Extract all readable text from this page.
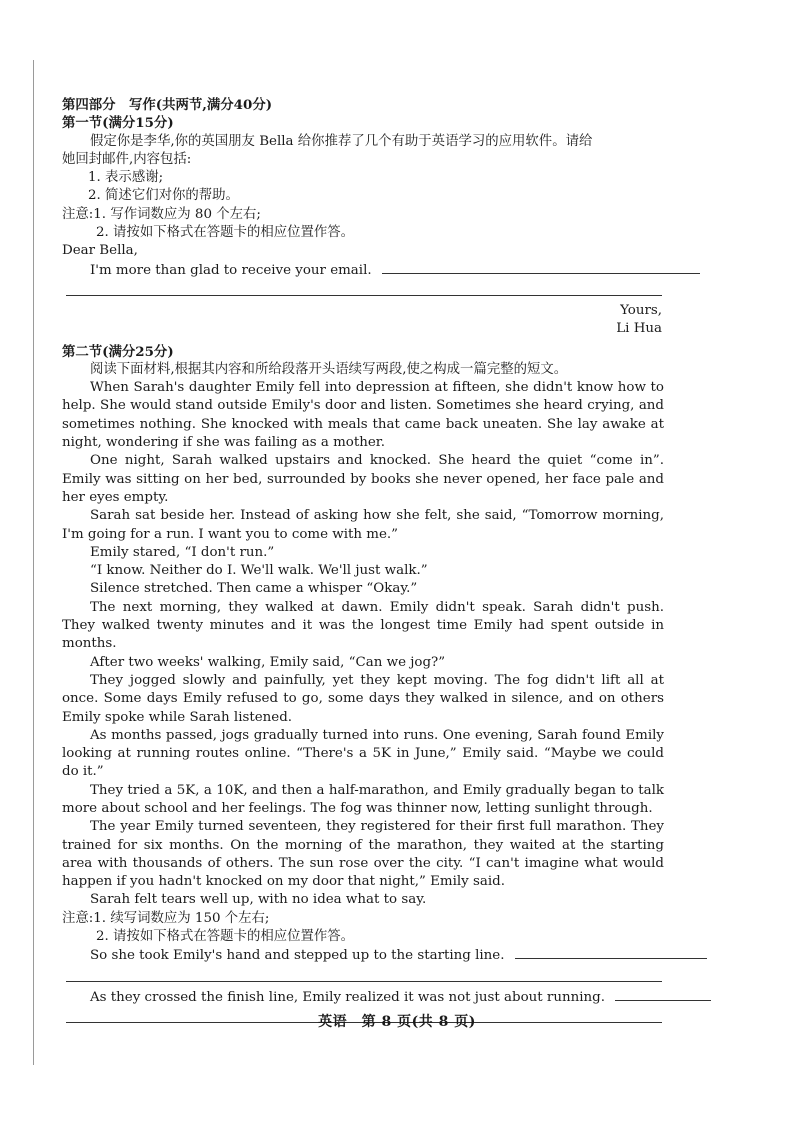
第四部分　写作(共两节,满分40分)
第一节(满分15分)
假定你是李华,你的英国朋友 Bella 给你推荐了几个有助于英语学习的应用软件。请给
她回封邮件,内容包括:
1. 表示感谢;
2. 简述它们对你的帮助。
注意:1. 写作词数应为 80 个左右;
2. 请按如下格式在答题卡的相应位置作答。
Dear Bella,
I'm more than glad to receive your email.
Yours,
Li Hua
第二节(满分25分)
阅读下面材料,根据其内容和所给段落开头语续写两段,使之构成一篇完整的短文。
When Sarah's daughter Emily fell into depression at fifteen, she didn't know how to help. She would stand outside Emily's door and listen. Sometimes she heard crying, and sometimes nothing. She knocked with meals that came back uneaten. She lay awake at night, wondering if she was failing as a mother.
One night, Sarah walked upstairs and knocked. She heard the quiet “come in”. Emily was sitting on her bed, surrounded by books she never opened, her face pale and her eyes empty.
Sarah sat beside her. Instead of asking how she felt, she said, “Tomorrow morning, I'm going for a run. I want you to come with me.”
Emily stared, “I don't run.”
“I know. Neither do I. We'll walk. We'll just walk.”
Silence stretched. Then came a whisper “Okay.”
The next morning, they walked at dawn. Emily didn't speak. Sarah didn't push. They walked twenty minutes and it was the longest time Emily had spent outside in months.
After two weeks' walking, Emily said, “Can we jog?”
They jogged slowly and painfully, yet they kept moving. The fog didn't lift all at once. Some days Emily refused to go, some days they walked in silence, and on others Emily spoke while Sarah listened.
As months passed, jogs gradually turned into runs. One evening, Sarah found Emily looking at running routes online. “There's a 5K in June,” Emily said. “Maybe we could do it.”
They tried a 5K, a 10K, and then a half-marathon, and Emily gradually began to talk more about school and her feelings. The fog was thinner now, letting sunlight through.
The year Emily turned seventeen, they registered for their first full marathon. They trained for six months. On the morning of the marathon, they waited at the starting area with thousands of others. The sun rose over the city. “I can't imagine what would happen if you hadn't knocked on my door that night,” Emily said.
Sarah felt tears well up, with no idea what to say.
注意:1. 续写词数应为 150 个左右;
2. 请按如下格式在答题卡的相应位置作答。
So she took Emily's hand and stepped up to the starting line.
As they crossed the finish line, Emily realized it was not just about running.
英语　第 8 页(共 8 页)
